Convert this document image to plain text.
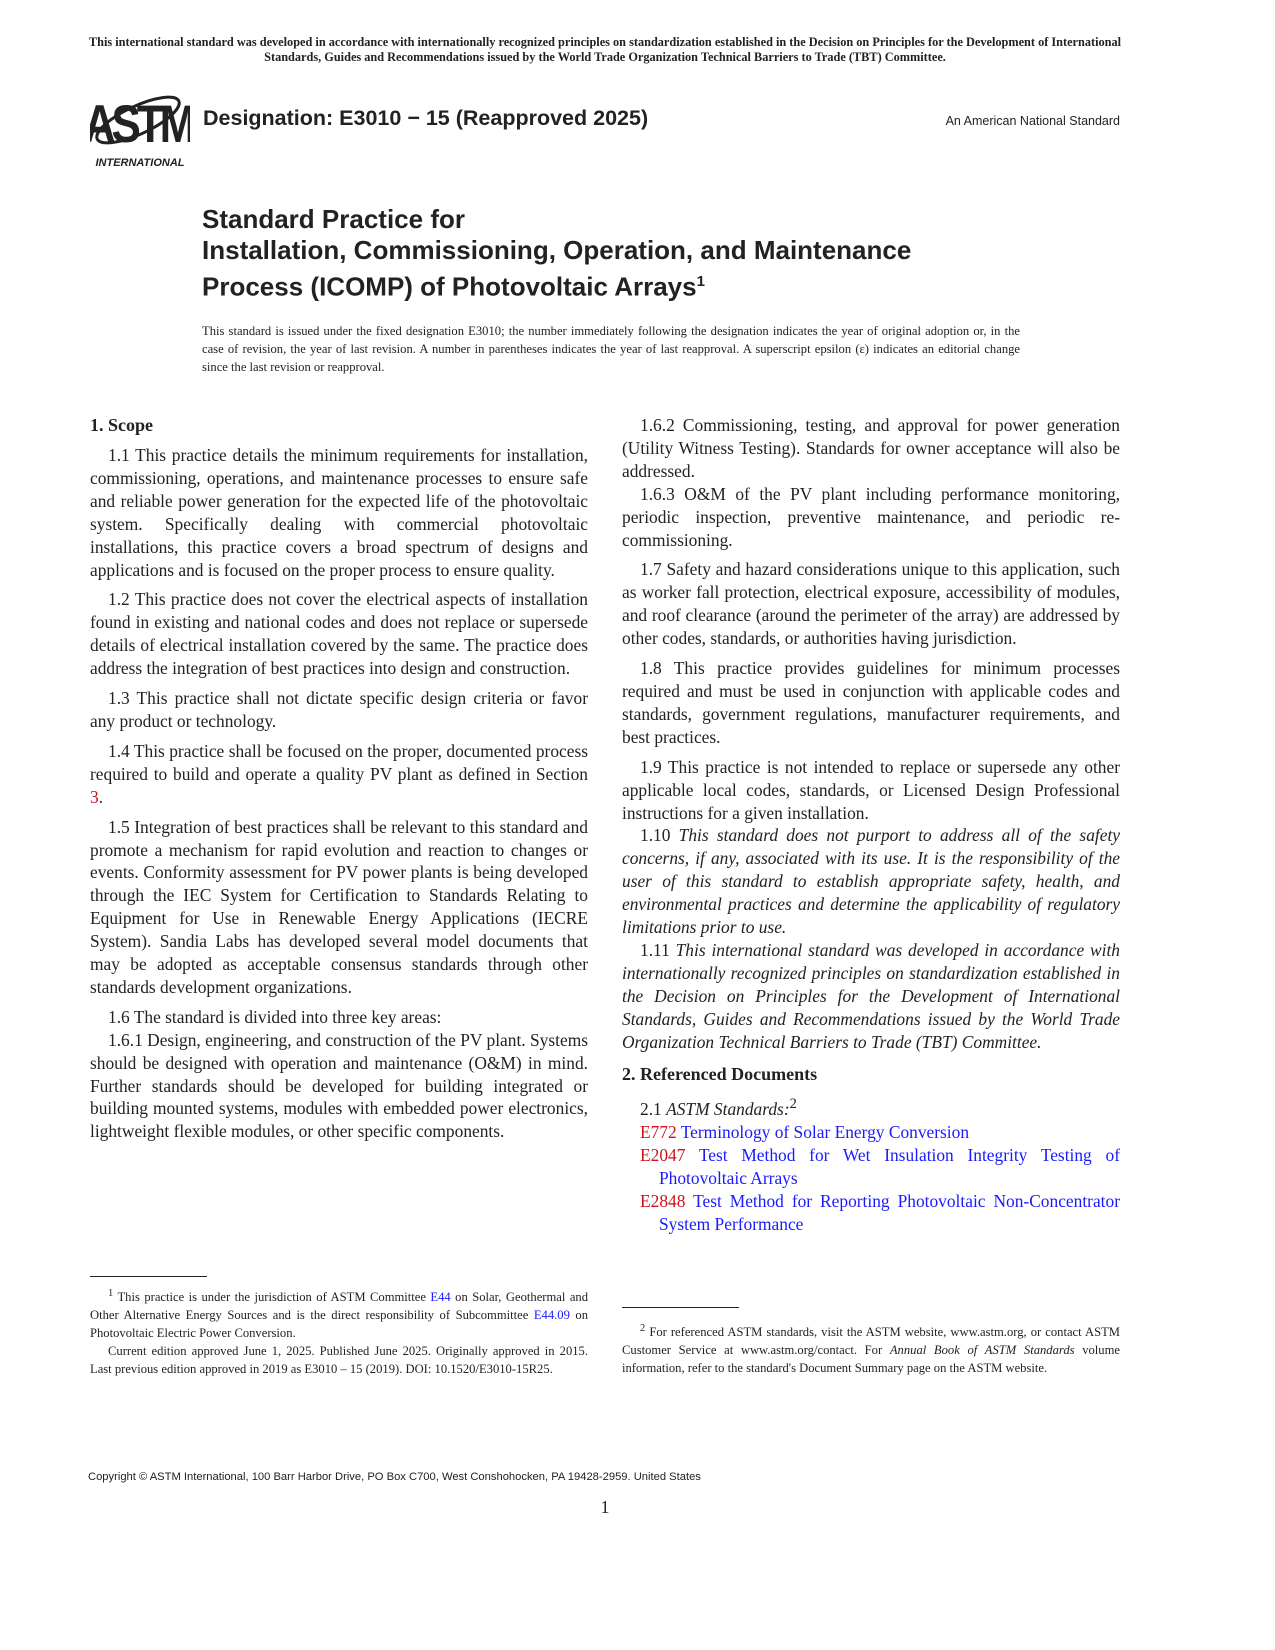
This international standard was developed in accordance with internationally recognized principles on standardization established in the Decision on Principles for the Development of International Standards, Guides and Recommendations issued by the World Trade Organization Technical Barriers to Trade (TBT) Committee.
ASTM
INTERNATIONAL
Designation: E3010 − 15 (Reapproved 2025)	An American National Standard
Standard Practice for
Installation, Commissioning, Operation, and Maintenance
Process (ICOMP) of Photovoltaic Arrays$^1$
This standard is issued under the fixed designation E3010; the number immediately following the designation indicates the year of original adoption or, in the case of revision, the year of last revision. A number in parentheses indicates the year of last reapproval. A superscript epsilon (ε) indicates an editorial change since the last revision or reapproval.
1. Scope

1.1 This practice details the minimum requirements for installation, commissioning, operations, and maintenance processes to ensure safe and reliable power generation for the expected life of the photovoltaic system. Specifically dealing with commercial photovoltaic installations, this practice covers a broad spectrum of designs and applications and is focused on the proper process to ensure quality.

1.2 This practice does not cover the electrical aspects of installation found in existing and national codes and does not replace or supersede details of electrical installation covered by the same. The practice does address the integration of best practices into design and construction.

1.3 This practice shall not dictate specific design criteria or favor any product or technology.

1.4 This practice shall be focused on the proper, documented process required to build and operate a quality PV plant as defined in Section 3.

1.5 Integration of best practices shall be relevant to this standard and promote a mechanism for rapid evolution and reaction to changes or events. Conformity assessment for PV power plants is being developed through the IEC System for Certification to Standards Relating to Equipment for Use in Renewable Energy Applications (IECRE System). Sandia Labs has developed several model documents that may be adopted as acceptable consensus standards through other standards development organizations.

1.6 The standard is divided into three key areas:

1.6.1 Design, engineering, and construction of the PV plant. Systems should be designed with operation and maintenance (O&M) in mind. Further standards should be developed for building integrated or building mounted systems, modules with embedded power electronics, lightweight flexible modules, or other specific components.

1.6.2 Commissioning, testing, and approval for power generation (Utility Witness Testing). Standards for owner acceptance will also be addressed.

1.6.3 O&M of the PV plant including performance monitoring, periodic inspection, preventive maintenance, and periodic re-commissioning.

1.7 Safety and hazard considerations unique to this application, such as worker fall protection, electrical exposure, accessibility of modules, and roof clearance (around the perimeter of the array) are addressed by other codes, standards, or authorities having jurisdiction.

1.8 This practice provides guidelines for minimum processes required and must be used in conjunction with applicable codes and standards, government regulations, manufacturer requirements, and best practices.

1.9 This practice is not intended to replace or supersede any other applicable local codes, standards, or Licensed Design Professional instructions for a given installation.

1.10 This standard does not purport to address all of the safety concerns, if any, associated with its use. It is the responsibility of the user of this standard to establish appropriate safety, health, and environmental practices and determine the applicability of regulatory limitations prior to use.

1.11 This international standard was developed in accordance with internationally recognized principles on standardization established in the Decision on Principles for the Development of International Standards, Guides and Recommendations issued by the World Trade Organization Technical Barriers to Trade (TBT) Committee.

2. Referenced Documents

2.1 ASTM Standards:$^2$

E772 Terminology of Solar Energy Conversion

E2047 Test Method for Wet Insulation Integrity Testing of Photovoltaic Arrays

E2848 Test Method for Reporting Photovoltaic Non-Concentrator System Performance

$^1$ This practice is under the jurisdiction of ASTM Committee E44 on Solar, Geothermal and Other Alternative Energy Sources and is the direct responsibility of Subcommittee E44.09 on Photovoltaic Electric Power Conversion.

Current edition approved June 1, 2025. Published June 2025. Originally approved in 2015. Last previous edition approved in 2019 as E3010 – 15 (2019). DOI: 10.1520/E3010-15R25.

$^2$ For referenced ASTM standards, visit the ASTM website, www.astm.org, or contact ASTM Customer Service at www.astm.org/contact. For Annual Book of ASTM Standards volume information, refer to the standard's Document Summary page on the ASTM website.

Copyright © ASTM International, 100 Barr Harbor Drive, PO Box C700, West Conshohocken, PA 19428-2959. United States
1
